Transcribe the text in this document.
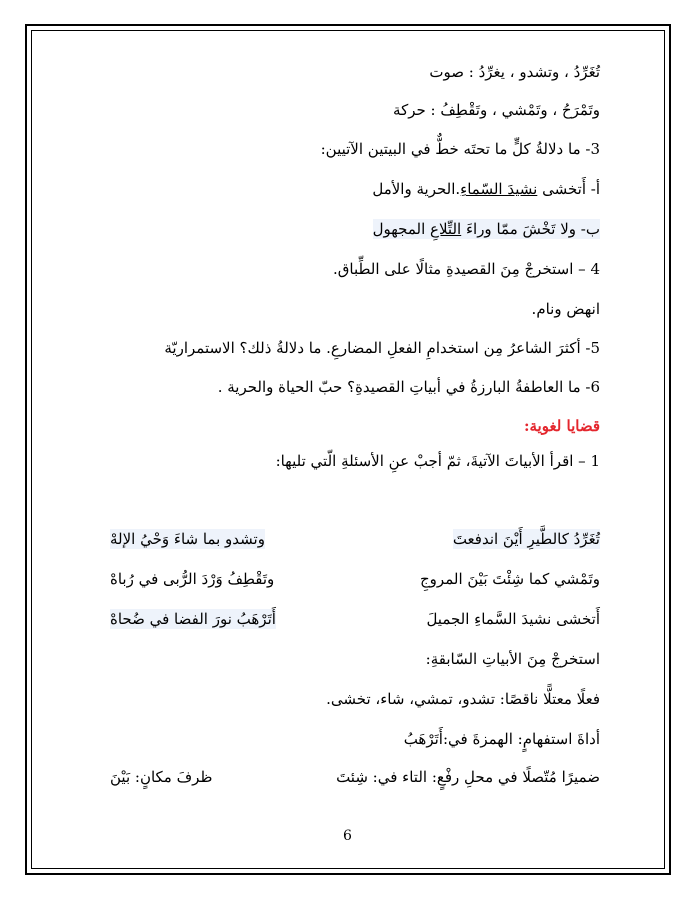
تُغَرِّدُ ، وتشدو ، يغرِّدُ : صوت
وتَمْرَحُ ، وتَمْشي ، وتَقْطِفُ : حركة
3- ما دلالةُ كلٍّ ما تحتَه خطٌّ في البيتين الآتيين:
أ- أَتخشى نشيدَ السّماءِ.الحرية والأمل
ب- ولا تَخْشَ ممّا وراءَ التِّلاعِ المجهول
4 – استخرجْ مِنَ القصيدةِ مثالًا على الطِّباق.
انهض ونام.
5- أكثرَ الشاعرُ مِن استخدامِ الفعلِ المضارعِ. ما دلالةُ ذلك؟ الاستمراريّة
6- ما العاطفةُ البارزةُ في أبياتِ القصيدةِ؟ حبّ الحياة والحرية .
قضايا لغوية:
1 – اقرأ الأبياتَ الآتيةَ، ثمّ أجبْ عنِ الأسئلةِ الّتي تليها:
تُغَرِّدُ كالطَّيرِ أَيْنَ اندفعتَ
وتشدو بما شاءَ وَحْيُ الإلهْ
وتَمْشي كما شِئْتَ بَيْنَ المروجِ
وتَقْطِفُ وَرْدَ الرُّبى في رُباهْ
أَتخشى نشيدَ السَّماءِ الجميلَ
أَتَرْهَبُ نورَ الفضا في ضُحاهْ
استخرجْ مِنَ الأبياتِ السّابقةِ:
فعلًا معتلًّا ناقصًا: تشدو، تمشي، شاء، تخشى.
أداةَ استفهامٍ: الهمزةَ في:أَتَرْهَبُ
ضميرًا مُتّصلًا في محلِ رفْعٍ: التاء في: شِئتَ
ظرفَ مكانٍ: بَيْنَ
6
